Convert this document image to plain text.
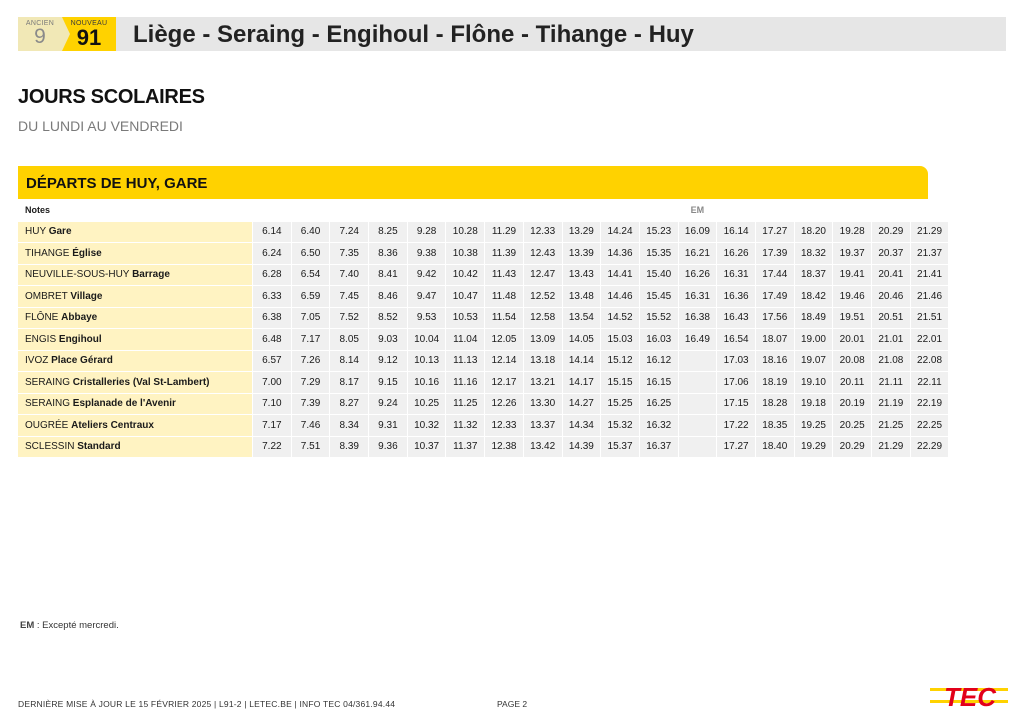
ANCIEN
9
NOUVEAU
91	Liège - Seraing - Engihoul - Flône - Tihange - Huy
JOURS SCOLAIRES
DU LUNDI AU VENDREDI
DÉPARTS DE HUY, GARE
Notes												EM						
HUY Gare	6.14	6.40	7.24	8.25	9.28	10.28	11.29	12.33	13.29	14.24	15.23	16.09	16.14	17.27	18.20	19.28	20.29	21.29
TIHANGE Église	6.24	6.50	7.35	8.36	9.38	10.38	11.39	12.43	13.39	14.36	15.35	16.21	16.26	17.39	18.32	19.37	20.37	21.37
NEUVILLE-SOUS-HUY Barrage	6.28	6.54	7.40	8.41	9.42	10.42	11.43	12.47	13.43	14.41	15.40	16.26	16.31	17.44	18.37	19.41	20.41	21.41
OMBRET Village	6.33	6.59	7.45	8.46	9.47	10.47	11.48	12.52	13.48	14.46	15.45	16.31	16.36	17.49	18.42	19.46	20.46	21.46
FLÔNE Abbaye	6.38	7.05	7.52	8.52	9.53	10.53	11.54	12.58	13.54	14.52	15.52	16.38	16.43	17.56	18.49	19.51	20.51	21.51
ENGIS Engihoul	6.48	7.17	8.05	9.03	10.04	11.04	12.05	13.09	14.05	15.03	16.03	16.49	16.54	18.07	19.00	20.01	21.01	22.01
IVOZ Place Gérard	6.57	7.26	8.14	9.12	10.13	11.13	12.14	13.18	14.14	15.12	16.12		17.03	18.16	19.07	20.08	21.08	22.08
SERAING Cristalleries (Val St-Lambert)	7.00	7.29	8.17	9.15	10.16	11.16	12.17	13.21	14.17	15.15	16.15		17.06	18.19	19.10	20.11	21.11	22.11
SERAING Esplanade de l'Avenir	7.10	7.39	8.27	9.24	10.25	11.25	12.26	13.30	14.27	15.25	16.25		17.15	18.28	19.18	20.19	21.19	22.19
OUGRÉE Ateliers Centraux	7.17	7.46	8.34	9.31	10.32	11.32	12.33	13.37	14.34	15.32	16.32		17.22	18.35	19.25	20.25	21.25	22.25
SCLESSIN Standard	7.22	7.51	8.39	9.36	10.37	11.37	12.38	13.42	14.39	15.37	16.37		17.27	18.40	19.29	20.29	21.29	22.29
EM : Excepté mercredi.
DERNIÈRE MISE À JOUR LE 15 FÉVRIER 2025 | L91-2 | LETEC.BE | INFO TEC 04/361.94.44	PAGE 2	TEC
